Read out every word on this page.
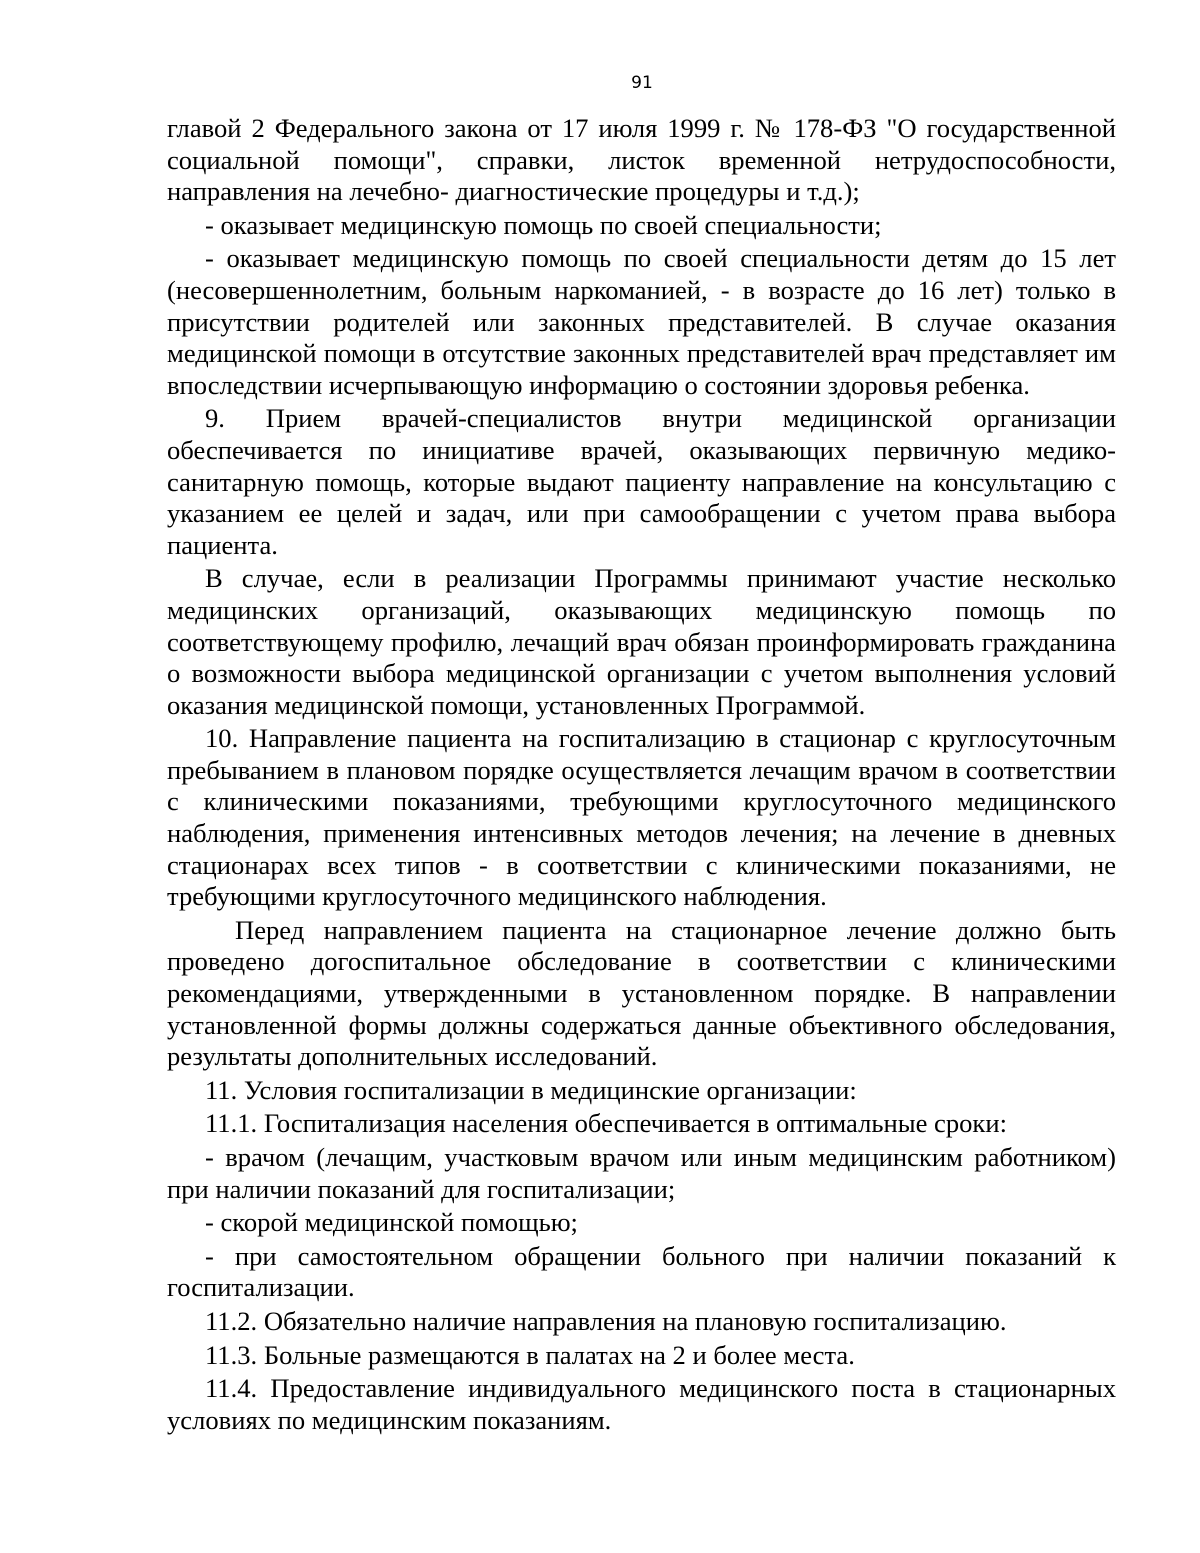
91

главой 2 Федерального закона от 17 июля 1999 г. № 178-ФЗ "О государственной социальной помощи", справки, листок временной нетрудоспособности, направления на лечебно- диагностические процедуры и т.д.);

- оказывает медицинскую помощь по своей специальности;

- оказывает медицинскую помощь по своей специальности детям до 15 лет (несовершеннолетним, больным наркоманией, - в возрасте до 16 лет) только в присутствии родителей или законных представителей. В случае оказания медицинской помощи в отсутствие законных представителей врач представляет им впоследствии исчерпывающую информацию о состоянии здоровья ребенка.

9. Прием врачей-специалистов внутри медицинской организации обеспечивается по инициативе врачей, оказывающих первичную медико-санитарную помощь, которые выдают пациенту направление на консультацию с указанием ее целей и задач, или при самообращении с учетом права выбора пациента.

В случае, если в реализации Программы принимают участие несколько медицинских организаций, оказывающих медицинскую помощь по соответствующему профилю, лечащий врач обязан проинформировать гражданина о возможности выбора медицинской организации с учетом выполнения условий оказания медицинской помощи, установленных Программой.

10. Направление пациента на госпитализацию в стационар с круглосуточным пребыванием в плановом порядке осуществляется лечащим врачом в соответствии с клиническими показаниями, требующими круглосуточного медицинского наблюдения, применения интенсивных методов лечения; на лечение в дневных стационарах всех типов - в соответствии с клиническими показаниями, не требующими круглосуточного медицинского наблюдения.

Перед направлением пациента на стационарное лечение должно быть проведено догоспитальное обследование в соответствии с клиническими рекомендациями, утвержденными в установленном порядке. В направлении установленной формы должны содержаться данные объективного обследования, результаты дополнительных исследований.

11. Условия госпитализации в медицинские организации:

11.1. Госпитализация населения обеспечивается в оптимальные сроки:

- врачом (лечащим, участковым врачом или иным медицинским работником) при наличии показаний для госпитализации;

- скорой медицинской помощью;

- при самостоятельном обращении больного при наличии показаний к госпитализации.

11.2. Обязательно наличие направления на плановую госпитализацию.

11.3. Больные размещаются в палатах на 2 и более места.

11.4. Предоставление индивидуального медицинского поста в стационарных условиях по медицинским показаниям.
